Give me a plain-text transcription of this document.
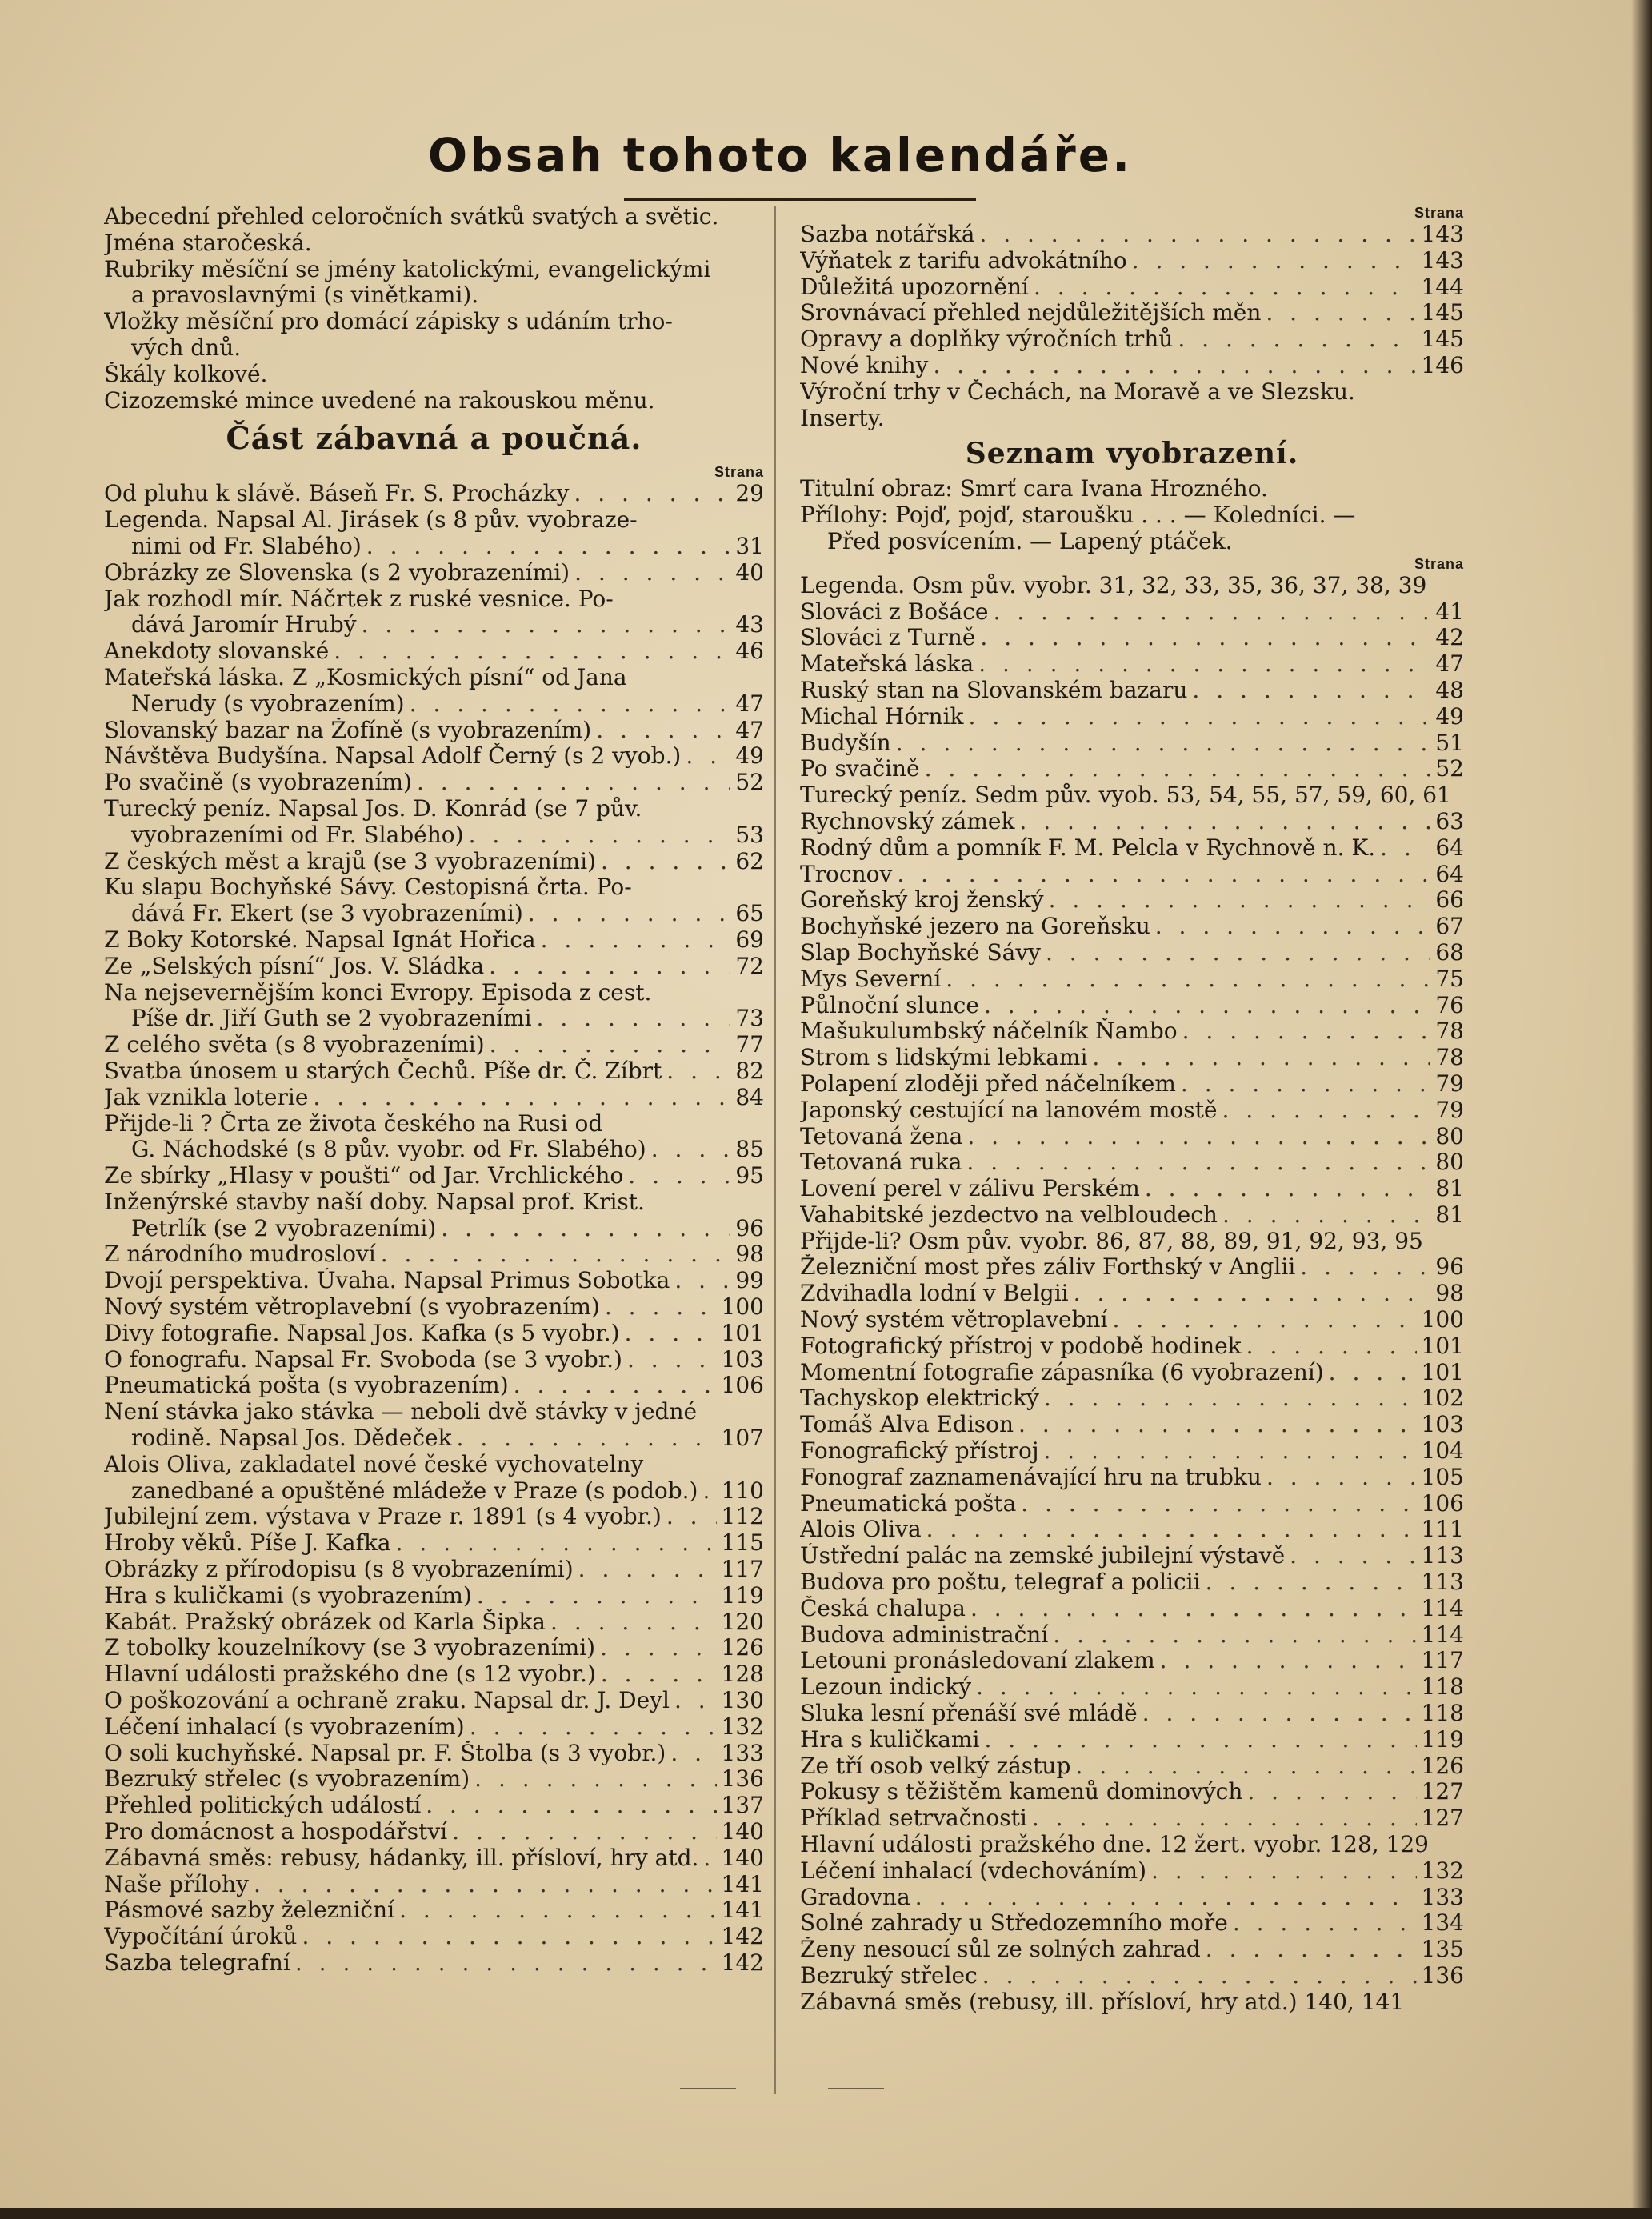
Obsah tohoto kalendáře.
Abecední přehled celoročních svátků svatých a světic.
Jména staročeská.
Rubriky měsíční se jmény katolickými, evangelickými
a pravoslavnými (s vinětkami).
Vložky měsíční pro domácí zápisky s udáním trho-
vých dnů.
Škály kolkové.
Cizozemské mince uvedené na rakouskou měnu.
Část zábavná a poučná.
Strana
Od pluhu k slávě. Báseň Fr. S. Procházky . . .	29
Legenda. Napsal Al. Jirásek (s 8 pův. vyobraze-
nimi od Fr. Slabého) . . .	31
Obrázky ze Slovenska (s 2 vyobrazeními) . . .	40
Jak rozhodl mír. Náčrtek z ruské vesnice. Po-
dává Jaromír Hrubý . . .	43
Anekdoty slovanské . . .	46
Mateřská láska. Z „Kosmických písní“ od Jana
Nerudy (s vyobrazením) . . .	47
Slovanský bazar na Žofíně (s vyobrazením) . . .	47
Návštěva Budyšína. Napsal Adolf Černý (s 2 vyob.) . . . 49
Po svačině (s vyobrazením) . . .	52
Turecký peníz. Napsal Jos. D. Konrád (se 7 pův.
vyobrazeními od Fr. Slabého) . . .	53
Z českých měst a krajů (se 3 vyobrazeními) . . .	62
Ku slapu Bochyňské Sávy. Cestopisná črta. Po-
dává Fr. Ekert (se 3 vyobrazeními) . . .	65
Z Boky Kotorské. Napsal Ignát Hořica . . .	69
Ze „Selských písní“ Jos. V. Sládka . . .	72
Na nejsevernějším konci Evropy. Episoda z cest.
Píše dr. Jiří Guth se 2 vyobrazeními . . .	73
Z celého světa (s 8 vyobrazeními) . . .	77
Svatba únosem u starých Čechů. Píše dr. Č. Zíbrt . . .	82
Jak vznikla loterie . . .	84
Přijde-li ? Črta ze života českého na Rusi od
G. Náchodské (s 8 pův. vyobr. od Fr. Slabého) . . .	85
Ze sbírky „Hlasy v poušti“ od Jar. Vrchlického . . .	95
Inženýrské stavby naší doby. Napsal prof. Krist.
Petrlík (se 2 vyobrazeními) . . .	96
Z národního mudrosloví . . .	98
Dvojí perspektiva. Úvaha. Napsal Primus Sobotka . . .	99
Nový systém větroplavební (s vyobrazením) . . .	100
Divy fotografie. Napsal Jos. Kafka (s 5 vyobr.) . . .	101
O fonografu. Napsal Fr. Svoboda (se 3 vyobr.) . . .	103
Pneumatická pošta (s vyobrazením) . . .	106
Není stávka jako stávka — neboli dvě stávky v jedné
rodině. Napsal Jos. Dědeček . . .	107
Alois Oliva, zakladatel nové české vychovatelny
zanedbané a opuštěné mládeže v Praze (s podob.) . . . 110
Jubilejní zem. výstava v Praze r. 1891 (s 4 vyobr.) . . .	112
Hroby věků. Píše J. Kafka . . .	115
Obrázky z přírodopisu (s 8 vyobrazeními) . . .	117
Hra s kuličkami (s vyobrazením) . . .	119
Kabát. Pražský obrázek od Karla Šipka . . .	120
Z tobolky kouzelníkovy (se 3 vyobrazeními) . . .	126
Hlavní události pražského dne (s 12 vyobr.) . . .	128
O poškozování a ochraně zraku. Napsal dr. J. Deyl . . . 130
Léčení inhalací (s vyobrazením) . . .	132
O soli kuchyňské. Napsal pr. F. Štolba (s 3 vyobr.) . . . 133
Bezruký střelec (s vyobrazením) . . .	136
Přehled politických událostí . . .	137
Pro domácnost a hospodářství . . .	140
Zábavná směs: rebusy, hádanky, ill. přísloví, hry atd. . . . 140
Naše přílohy . . .	141
Pásmové sazby železniční . . .	141
Vypočítání úroků . . .	142
Sazba telegrafní . . .	142
Strana
Sazba notářská . . .	143
Výňatek z tarifu advokátního . . .	143
Důležitá upozornění . . .	144
Srovnávací přehled nejdůležitějších měn . . .	145
Opravy a doplňky výročních trhů . . .	145
Nové knihy . . .	146
Výroční trhy v Čechách, na Moravě a ve Slezsku.
Inserty.
Seznam vyobrazení.
Titulní obraz: Smrť cara Ivana Hrozného.
Přílohy: Pojď, pojď, staroušku . . . — Koledníci. —
Před posvícením. — Lapený ptáček.
Strana
Legenda. Osm pův. vyobr. 31, 32, 33, 35, 36, 37, 38, 39
Slováci z Bošáce . . .	41
Slováci z Turně . . .	42
Mateřská láska . . .	47
Ruský stan na Slovanském bazaru . . .	48
Michal Hórnik . . .	49
Budyšín . . .	51
Po svačině . . .	52
Turecký peníz. Sedm pův. vyob. 53, 54, 55, 57, 59, 60, 61
Rychnovský zámek . . .	63
Rodný dům a pomník F. M. Pelcla v Rychnově n. K. . . .	64
Trocnov . . .	64
Goreňský kroj ženský . . .	66
Bochyňské jezero na Goreňsku . . .	67
Slap Bochyňské Sávy . . .	68
Mys Severní . . .	75
Půlnoční slunce . . .	76
Mašukulumbský náčelník Ňambo . . .	78
Strom s lidskými lebkami . . .	78
Polapení zloději před náčelníkem . . .	79
Japonský cestující na lanovém mostě . . .	79
Tetovaná žena . . .	80
Tetovaná ruka . . .	80
Lovení perel v zálivu Perském . . .	81
Vahabitské jezdectvo na velbloudech . . .	81
Přijde-li? Osm pův. vyobr. 86, 87, 88, 89, 91, 92, 93, 95
Železniční most přes záliv Forthský v Anglii . . .	96
Zdvihadla lodní v Belgii . . .	98
Nový systém větroplavební . . .	100
Fotografický přístroj v podobě hodinek . . .	101
Momentní fotografie zápasníka (6 vyobrazení) . . .	101
Tachyskop elektrický . . .	102
Tomáš Alva Edison . . .	103
Fonografický přístroj . . .	104
Fonograf zaznamenávající hru na trubku . . .	105
Pneumatická pošta . . .	106
Alois Oliva . . .	111
Ústřední palác na zemské jubilejní výstavě . . .	113
Budova pro poštu, telegraf a policii . . .	113
Česká chalupa . . .	114
Budova administrační . . .	114
Letouni pronásledovaní zlakem . . .	117
Lezoun indický . . .	118
Sluka lesní přenáší své mládě . . .	118
Hra s kuličkami . . .	119
Ze tří osob velký zástup . . .	126
Pokusy s těžištěm kamenů dominových . . .	127
Příklad setrvačnosti . . .	127
Hlavní události pražského dne. 12 žert. vyobr. 128, 129
Léčení inhalací (vdechováním) . . .	132
Gradovna . . .	133
Solné zahrady u Středozemního moře . . .	134
Ženy nesoucí sůl ze solných zahrad . . .	135
Bezruký střelec . . .	136
Zábavná směs (rebusy, ill. přísloví, hry atd.) 140, 141
